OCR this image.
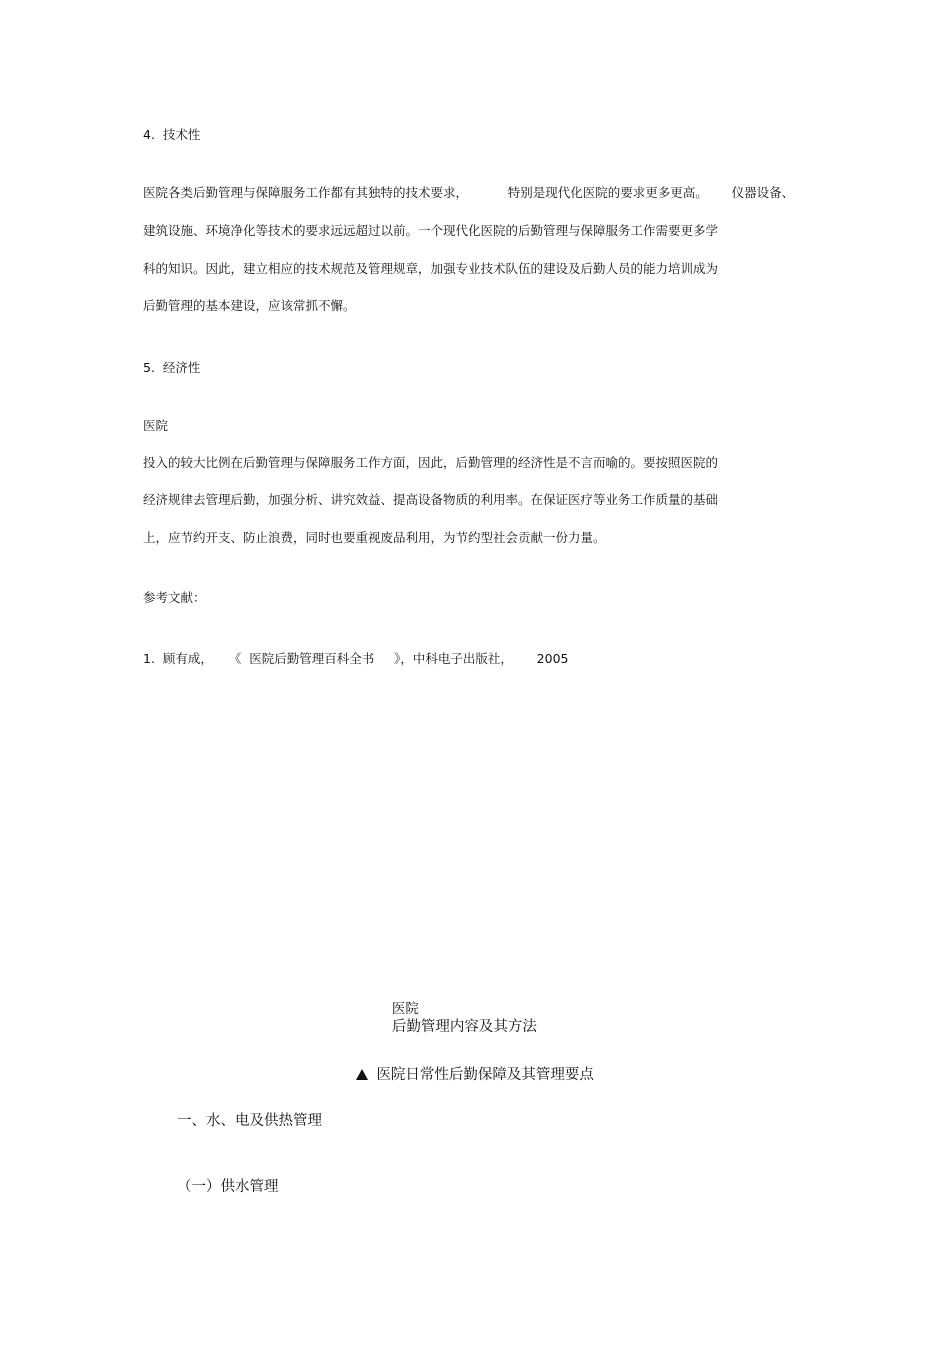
4.  技术性
医院各类后勤管理与保障服务工作都有其独特的技术要求，          特别是现代化医院的要求更多更高。      仪器设备、
建筑设施、环境净化等技术的要求远远超过以前。一个现代化医院的后勤管理与保障服务工作需要更多学
科的知识。因此，建立相应的技术规范及管理规章，加强专业技术队伍的建设及后勤人员的能力培训成为
后勤管理的基本建设，应该常抓不懈。
5.  经济性
医院
投入的较大比例在后勤管理与保障服务工作方面，因此，后勤管理的经济性是不言而喻的。要按照医院的
经济规律去管理后勤，加强分析、讲究效益、提高设备物质的利用率。在保证医疗等业务工作质量的基础
上，应节约开支、防止浪费，同时也要重视废品利用，为节约型社会贡献一份力量。
参考文献：
1.  顾有成，    《  医院后勤管理百科全书     》，中科电子出版社，      2005

医院
后勤管理内容及其方法

医院日常性后勤保障及其管理要点

一、水、电及供热管理
（一）供水管理
